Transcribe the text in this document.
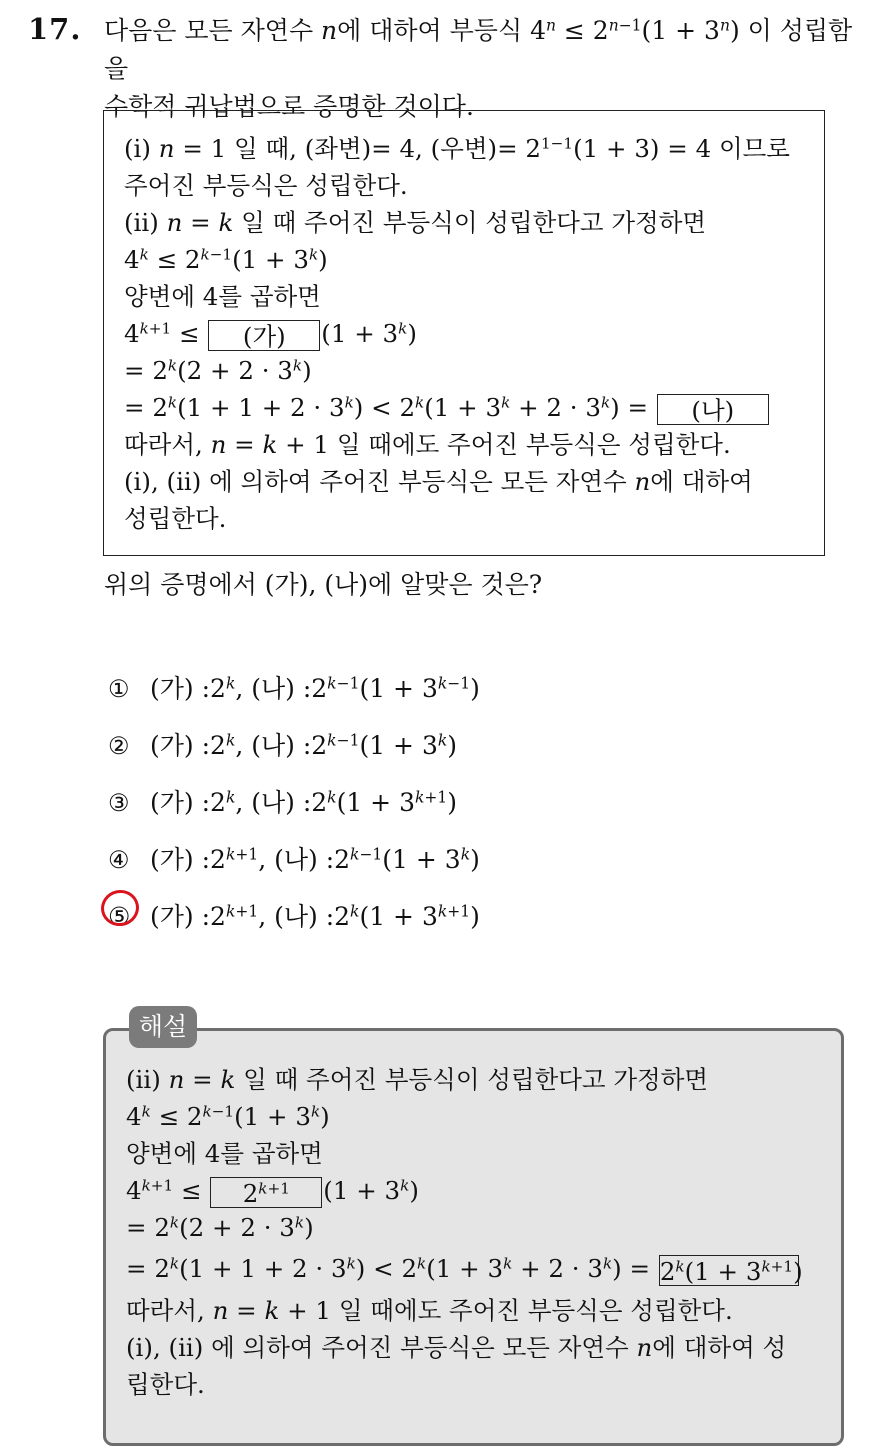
17. 다음은 모든 자연수 n에 대하여 부등식 $4^n \le 2^{n-1}(1 + 3^n)$ 이 성립함을

수학적 귀납법으로 증명한 것이다.

(i) n = 1 일 때, (좌변)= 4, (우변)= $2^{1-1}(1 + 3) = 4$ 이므로
주어진 부등식은 성립한다.
(ii) n = k 일 때 주어진 부등식이 성립한다고 가정하면
$4^k \le 2^{k-1}(1 + 3^k)$
양변에 4를 곱하면
$4^{k+1}$ ≤ (가) $(1 + 3^k)$
= $2^k(2 + 2 \cdot 3^k)$
= $2^k(1 + 1 + 2 \cdot 3^k) < 2^k(1 + 3^k + 2 \cdot 3^k)$ = (나)
따라서, n = k + 1 일 때에도 주어진 부등식은 성립한다.
(i), (ii) 에 의하여 주어진 부등식은 모든 자연수 n에 대하여
성립한다.
위의 증명에서 (가), (나)에 알맞은 것은?
① (가) : 2$^k$ , (나) : $2^{k-1}(1 + 3^{k-1})$
② (가) : 2$^k$ , (나) : $2^{k-1}(1 + 3^k)$
③ (가) : 2$^k$ , (나) : $2^k(1 + 3^{k+1})$
④ (가) : $2^{k+1}$ , (나) : $2^{k-1}(1 + 3^k)$
⑤ (가) : $2^{k+1}$ , (나) : $2^k(1 + 3^{k+1})$
해설
(ii) n = k 일 때 주어진 부등식이 성립한다고 가정하면
$4^k \le 2^{k-1}(1 + 3^k)$
양변에 4를 곱하면
$4^{k+1} \le 2^{k+1}$ $(1 + 3^k)$
= $2^k(2 + 2 \cdot 3^k)$
= $2^k(1 + 1 + 2 \cdot 3^k) < 2^k(1 + 3^k + 2 \cdot 3^k) = 2^k(1 + 3^{k+1})$
따라서, n = k + 1 일 때에도 주어진 부등식은 성립한다.
(i), (ii) 에 의하여 주어진 부등식은 모든 자연수 n에 대하여 성
립한다.
